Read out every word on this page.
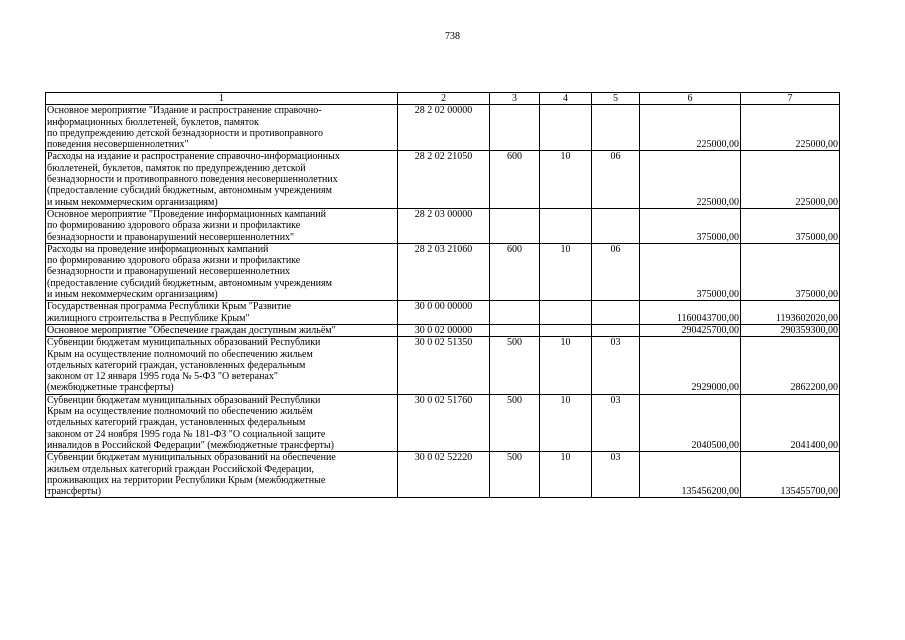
738
1	2	3	4	5	6	7

Основное мероприятие "Издание и распространение справочно-
информационных бюллетеней, буклетов, памяток
по предупреждению детской безнадзорности и противоправного
поведения несовершеннолетних"	28 2 02 00000				225000,00	225000,00

Расходы на издание и распространение справочно-информационных
бюллетеней, буклетов, памяток по предупреждению детской
безнадзорности и противоправного поведения несовершеннолетних
(предоставление субсидий бюджетным, автономным учреждениям
и иным некоммерческим организациям)	28 2 02 21050	600	10	06	225000,00	225000,00

Основное мероприятие "Проведение информационных кампаний
по формированию здорового образа жизни и профилактике
безнадзорности и правонарушений несовершеннолетних"	28 2 03 00000				375000,00	375000,00

Расходы на проведение информационных кампаний
по формированию здорового образа жизни и профилактике
безнадзорности и правонарушений несовершеннолетних
(предоставление субсидий бюджетным, автономным учреждениям
и иным некоммерческим организациям)	28 2 03 21060	600	10	06	375000,00	375000,00

Государственная программа Республики Крым "Развитие
жилищного строительства в Республике Крым"	30 0 00 00000				1160043700,00	1193602020,00

Основное мероприятие "Обеспечение граждан доступным жильём"	30 0 02 00000				290425700,00	290359300,00

Субвенции бюджетам муниципальных образований Республики
Крым на осуществление полномочий по обеспечению жильем
отдельных категорий граждан, установленных федеральным
законом от 12 января 1995 года № 5-ФЗ "О ветеранах"
(межбюджетные трансферты)	30 0 02 51350	500	10	03	2929000,00	2862200,00

Субвенции бюджетам муниципальных образований Республики
Крым на осуществление полномочий по обеспечению жильём
отдельных категорий граждан, установленных федеральным
законом от 24 ноября 1995 года № 181-ФЗ "О социальной защите
инвалидов в Российской Федерации" (межбюджетные трансферты)	30 0 02 51760	500	10	03	2040500,00	2041400,00

Субвенции бюджетам муниципальных образований на обеспечение
жильем отдельных категорий граждан Российской Федерации,
проживающих на территории Республики Крым (межбюджетные
трансферты)	30 0 02 52220	500	10	03	135456200,00	135455700,00
